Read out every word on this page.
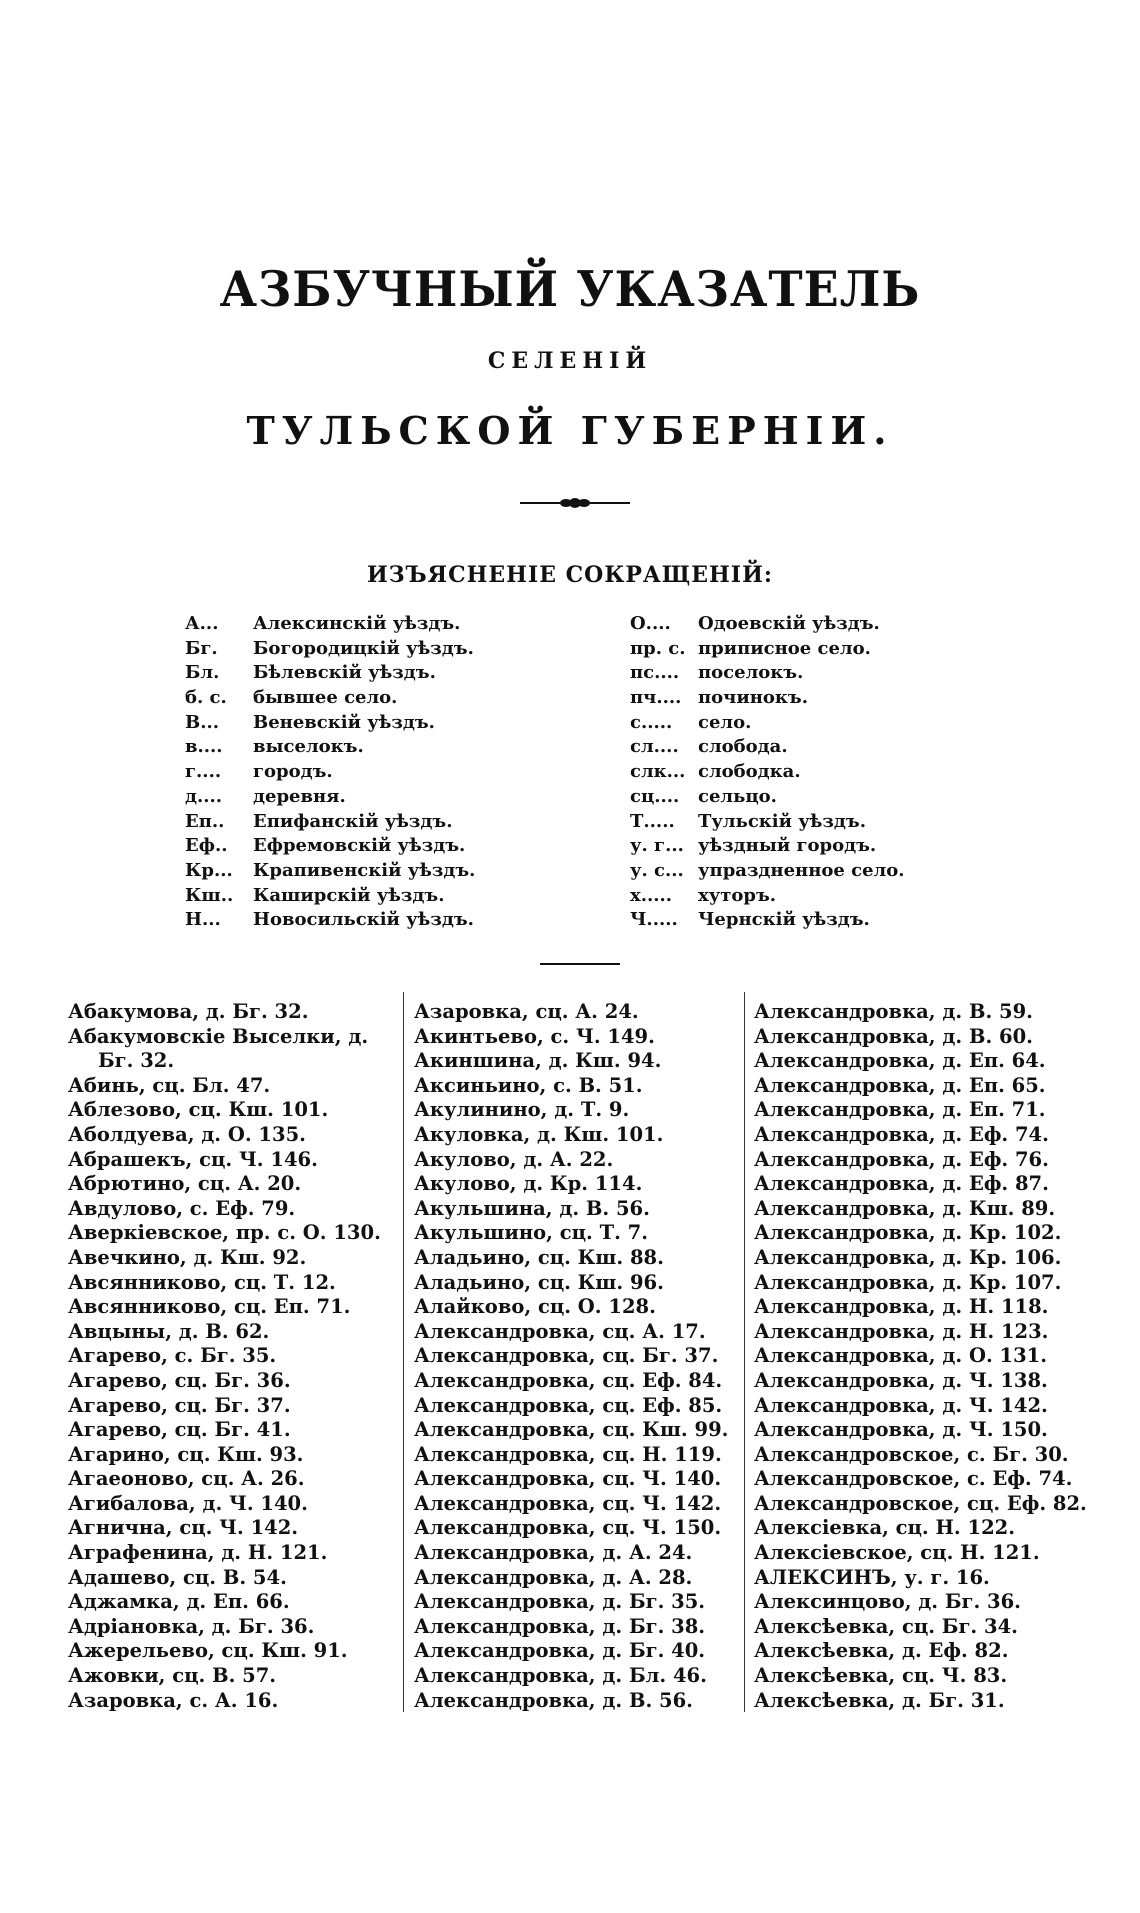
АЗБУЧНЫЙ УКАЗАТЕЛЬ
СЕЛЕНІЙ
ТУЛЬСКОЙ ГУБЕРНІИ.
ИЗЪЯСНЕНІЕ СОКРАЩЕНІЙ:
А...	Алексинскій уѣздъ.
Бг.	Богородицкій уѣздъ.
Бл.	Бѣлевскій уѣздъ.
б. с.	бывшее село.
В...	Веневскій уѣздъ.
в....	выселокъ.
г....	городъ.
д....	деревня.
Еп..	Епифанскій уѣздъ.
Еф..	Ефремовскій уѣздъ.
Кр...	Крапивенскій уѣздъ.
Кш..	Каширскій уѣздъ.
Н...	Новосильскій уѣздъ.
О....	Одоевскій уѣздъ.
пр. с. приписное село.
пс....	поселокъ.
пч.... починокъ.
с.....	село.
сл....	слобода.
слк... слободка.
сц....	сельцо.
Т.....	Тульскій уѣздъ.
у. г... уѣздный городъ.
у. с... упраздненное село.
х.....	хуторъ.
Ч.....	Чернскій уѣздъ.
Абакумова, д. Бг. 32.
Абакумовскіе Выселки, д. Бг. 32.
Абинь, сц. Бл. 47.
Аблезово, сц. Кш. 101.
Аболдуева, д. О. 135.
Абрашекъ, сц. Ч. 146.
Абрютино, сц. А. 20.
Авдулово, с. Еф. 79.
Аверкіевское, пр. с. О. 130.
Авечкино, д. Кш. 92.
Авсянниково, сц. Т. 12.
Авсянниково, сц. Еп. 71.
Авцыны, д. В. 62.
Агарево, с. Бг. 35.
Агарево, сц. Бг. 36.
Агарево, сц. Бг. 37.
Агарево, сц. Бг. 41.
Агарино, сц. Кш. 93.
Агаеоново, сц. А. 26.
Агибалова, д. Ч. 140.
Агнична, сц. Ч. 142.
Аграфенина, д. Н. 121.
Адашево, сц. В. 54.
Аджамка, д. Еп. 66.
Адріановка, д. Бг. 36.
Ажерельево, сц. Кш. 91.
Ажовки, сц. В. 57.
Азаровка, с. А. 16.
Азаровка, сц. А. 24.
Акинтьево, с. Ч. 149.
Акиншина, д. Кш. 94.
Аксиньино, с. В. 51.
Акулинино, д. Т. 9.
Акуловка, д. Кш. 101.
Акулово, д. А. 22.
Акулово, д. Кр. 114.
Акульшина, д. В. 56.
Акульшино, сц. Т. 7.
Аладьино, сц. Кш. 88.
Аладьино, сц. Кш. 96.
Алайково, сц. О. 128.
Александровка, сц. А. 17.
Александровка, сц. Бг. 37.
Александровка, сц. Еф. 84.
Александровка, сц. Еф. 85.
Александровка, сц. Кш. 99.
Александровка, сц. Н. 119.
Александровка, сц. Ч. 140.
Александровка, сц. Ч. 142.
Александровка, сц. Ч. 150.
Александровка, д. А. 24.
Александровка, д. А. 28.
Александровка, д. Бг. 35.
Александровка, д. Бг. 38.
Александровка, д. Бг. 40.
Александровка, д. Бл. 46.
Александровка, д. В. 56.
Александровка, д. В. 59.
Александровка, д. В. 60.
Александровка, д. Еп. 64.
Александровка, д. Еп. 65.
Александровка, д. Еп. 71.
Александровка, д. Еф. 74.
Александровка, д. Еф. 76.
Александровка, д. Еф. 87.
Александровка, д. Кш. 89.
Александровка, д. Кр. 102.
Александровка, д. Кр. 106.
Александровка, д. Кр. 107.
Александровка, д. Н. 118.
Александровка, д. Н. 123.
Александровка, д. О. 131.
Александровка, д. Ч. 138.
Александровка, д. Ч. 142.
Александровка, д. Ч. 150.
Александровское, с. Бг. 30.
Александровское, с. Еф. 74.
Александровское, сц. Еф. 82.
Алексіевка, сц. Н. 122.
Алексіевское, сц. Н. 121.
АЛЕКСИНЪ, у. г. 16.
Алексинцово, д. Бг. 36.
Алексѣевка, сц. Бг. 34.
Алексѣевка, д. Еф. 82.
Алексѣевка, сц. Ч. 83.
Алексѣевка, д. Бг. 31.
